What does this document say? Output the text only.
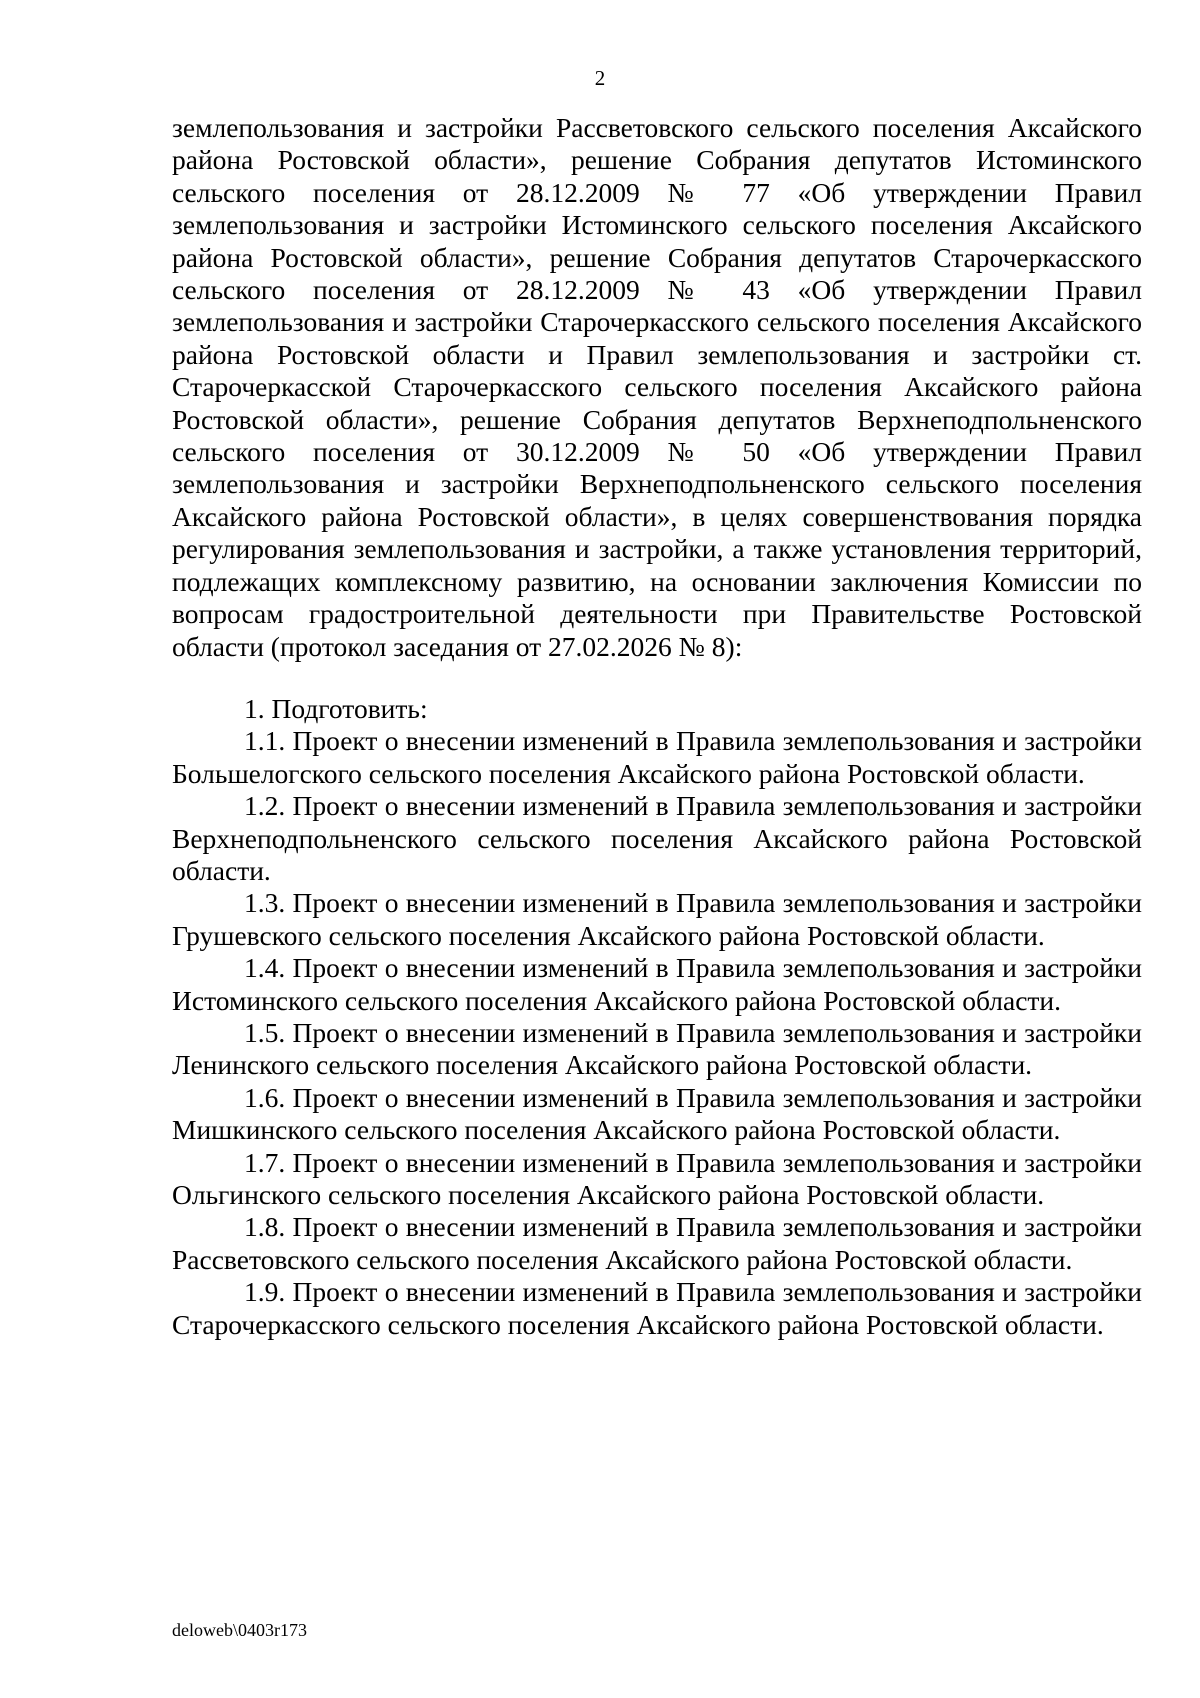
2

землепользования и застройки Рассветовского сельского поселения Аксайского района Ростовской области», решение Собрания депутатов Истоминского сельского поселения от 28.12.2009 № 77 «Об утверждении Правил землепользования и застройки Истоминского сельского поселения Аксайского района Ростовской области», решение Собрания депутатов Старочеркасского сельского поселения от 28.12.2009 № 43 «Об утверждении Правил землепользования и застройки Старочеркасского сельского поселения Аксайского района Ростовской области и Правил землепользования и застройки ст. Старочеркасской Старочеркасского сельского поселения Аксайского района Ростовской области», решение Собрания депутатов Верхнеподпольненского сельского поселения от 30.12.2009 № 50 «Об утверждении Правил землепользования и застройки Верхнеподпольненского сельского поселения Аксайского района Ростовской области», в целях совершенствования порядка регулирования землепользования и застройки, а также установления территорий, подлежащих комплексному развитию, на основании заключения Комиссии по вопросам градостроительной деятельности при Правительстве Ростовской области (протокол заседания от 27.02.2026 № 8):

1. Подготовить:

1.1. Проект о внесении изменений в Правила землепользования и застройки Большелогского сельского поселения Аксайского района Ростовской области.

1.2. Проект о внесении изменений в Правила землепользования и застройки Верхнеподпольненского сельского поселения Аксайского района Ростовской области.

1.3. Проект о внесении изменений в Правила землепользования и застройки Грушевского сельского поселения Аксайского района Ростовской области.

1.4. Проект о внесении изменений в Правила землепользования и застройки Истоминского сельского поселения Аксайского района Ростовской области.

1.5. Проект о внесении изменений в Правила землепользования и застройки Ленинского сельского поселения Аксайского района Ростовской области.

1.6. Проект о внесении изменений в Правила землепользования и застройки Мишкинского сельского поселения Аксайского района Ростовской области.

1.7. Проект о внесении изменений в Правила землепользования и застройки Ольгинского сельского поселения Аксайского района Ростовской области.

1.8. Проект о внесении изменений в Правила землепользования и застройки Рассветовского сельского поселения Аксайского района Ростовской области.

1.9. Проект о внесении изменений в Правила землепользования и застройки Старочеркасского сельского поселения Аксайского района Ростовской области.

deloweb\0403r173
